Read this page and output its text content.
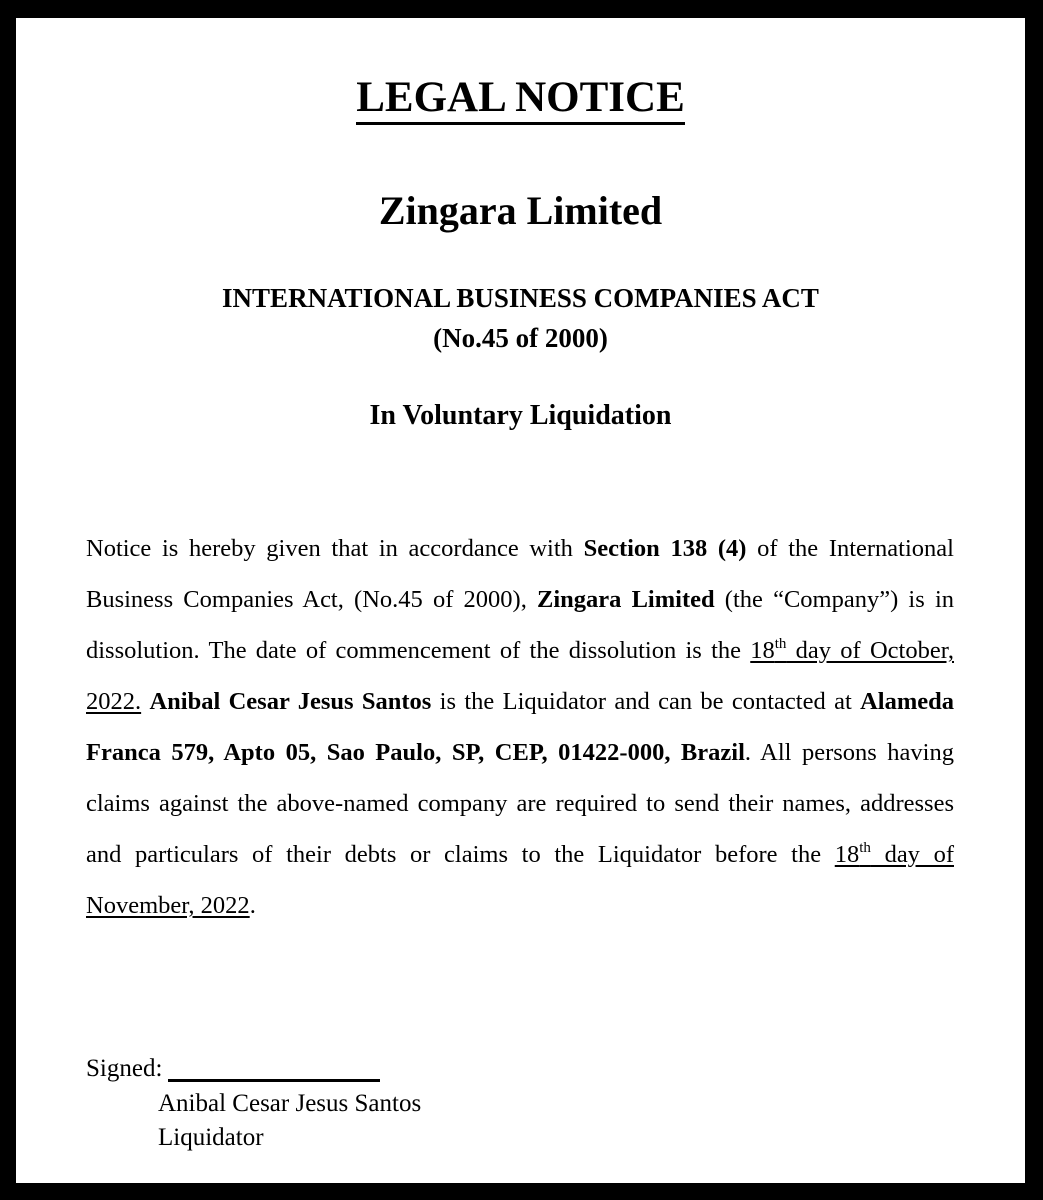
LEGAL NOTICE
Zingara Limited
INTERNATIONAL BUSINESS COMPANIES ACT
(No.45 of 2000)
In Voluntary Liquidation

Notice is hereby given that in accordance with Section 138 (4) of the International Business Companies Act, (No.45 of 2000), Zingara Limited (the “Company”) is in dissolution. The date of commencement of the dissolution is the 18th day of October, 2022. Anibal Cesar Jesus Santos is the Liquidator and can be contacted at Alameda Franca 579, Apto 05, Sao Paulo, SP, CEP, 01422-000, Brazil. All persons having claims against the above-named company are required to send their names, addresses and particulars of their debts or claims to the Liquidator before the 18th day of November, 2022.

Signed:
Anibal Cesar Jesus Santos
Liquidator
